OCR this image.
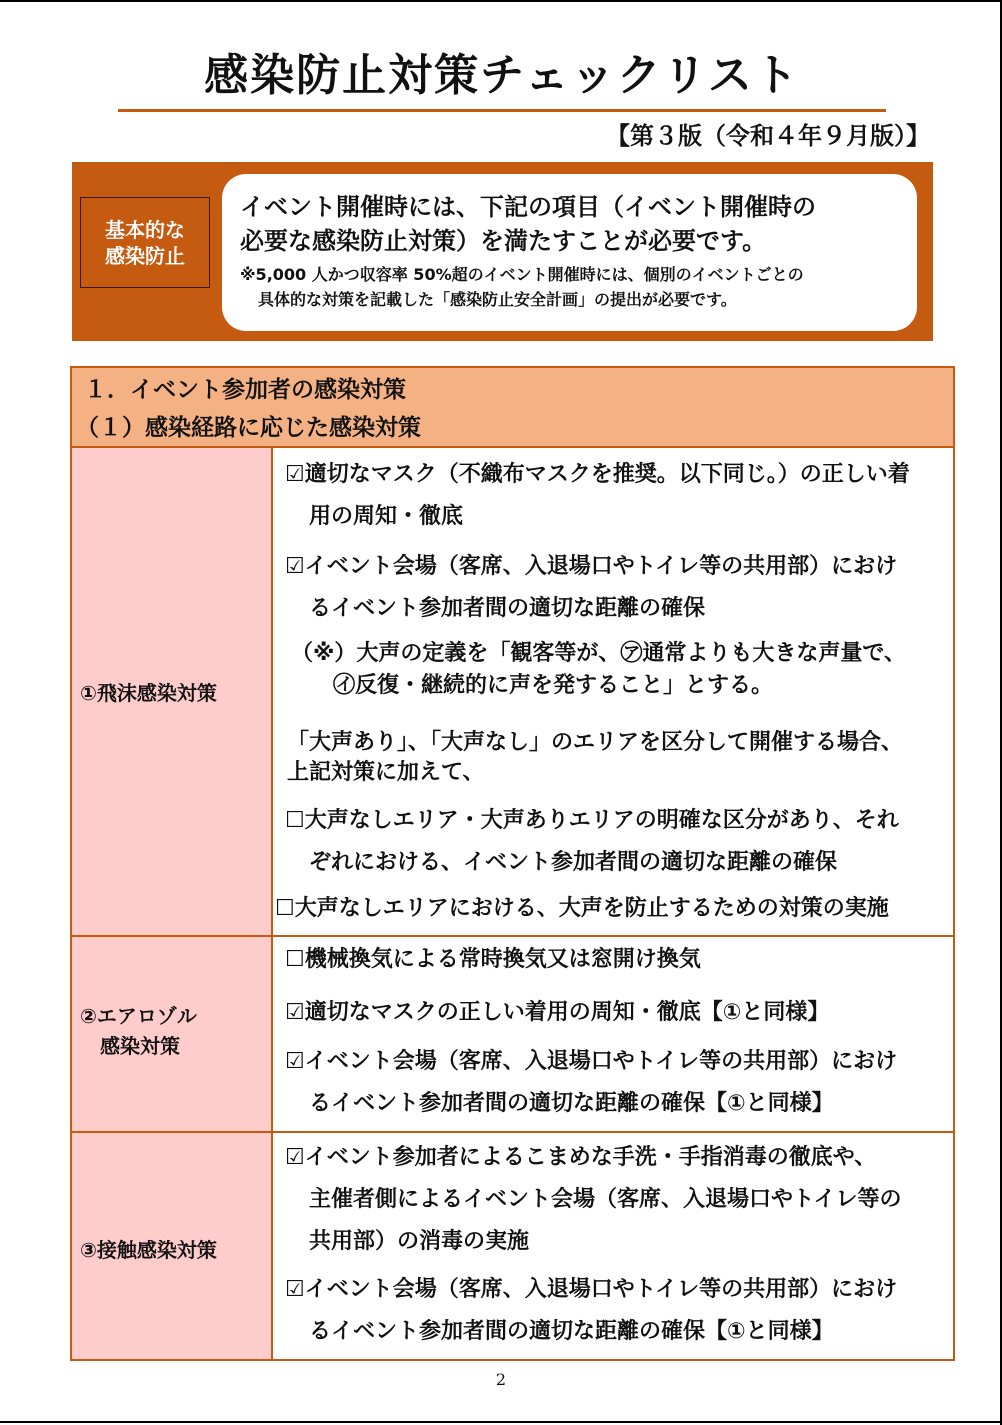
感染防止対策チェックリスト
【第３版（令和４年９月版）】
基本的な
感染防止
イベント開催時には、下記の項目（イベント開催時の
必要な感染防止対策）を満たすことが必要です。
※5,000 人かつ収容率 50%超のイベント開催時には、個別のイベントごとの
具体的な対策を記載した「感染防止安全計画」の提出が必要です。
１．イベント参加者の感染対策
（１）感染経路に応じた感染対策
①飛沫感染対策
☑適切なマスク（不織布マスクを推奨。以下同じ。）の正しい着
用の周知・徹底
☑イベント会場（客席、入退場口やトイレ等の共用部）におけ
るイベント参加者間の適切な距離の確保
（※）大声の定義を「観客等が、㋐通常よりも大きな声量で、
㋑反復・継続的に声を発すること」とする。
「大声あり」、「大声なし」のエリアを区分して開催する場合、
上記対策に加えて、
☐大声なしエリア・大声ありエリアの明確な区分があり、それ
ぞれにおける、イベント参加者間の適切な距離の確保
☐大声なしエリアにおける、大声を防止するための対策の実施
②エアロゾル
感染対策
☐機械換気による常時換気又は窓開け換気
☑適切なマスクの正しい着用の周知・徹底【①と同様】
☑イベント会場（客席、入退場口やトイレ等の共用部）におけ
るイベント参加者間の適切な距離の確保【①と同様】
③接触感染対策
☑イベント参加者によるこまめな手洗・手指消毒の徹底や、
主催者側によるイベント会場（客席、入退場口やトイレ等の
共用部）の消毒の実施
☑イベント会場（客席、入退場口やトイレ等の共用部）におけ
るイベント参加者間の適切な距離の確保【①と同様】
2
